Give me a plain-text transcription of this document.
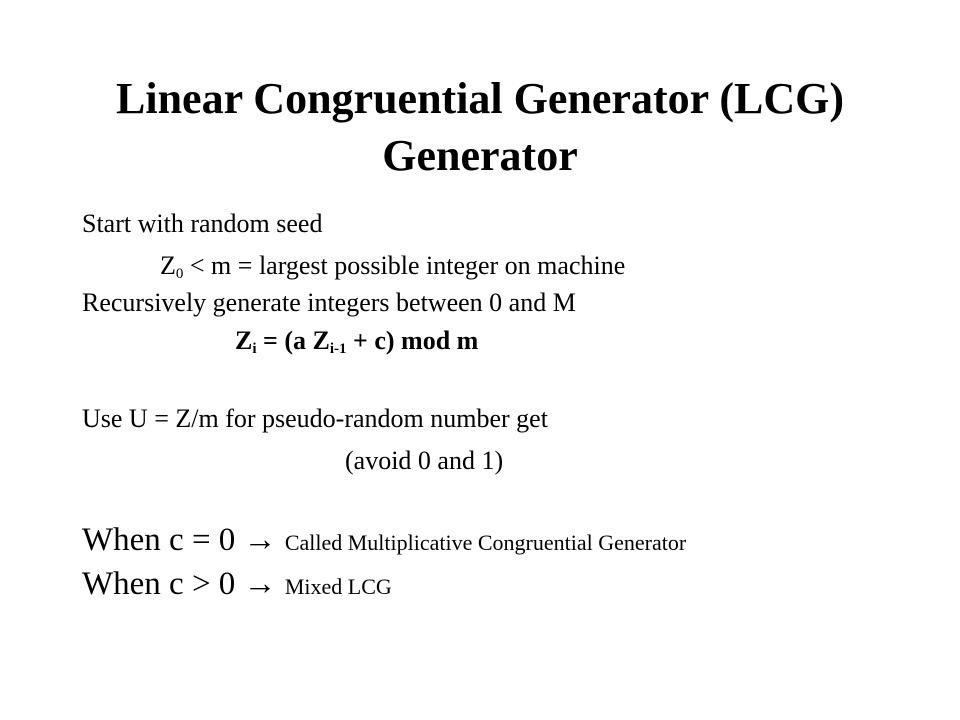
Linear Congruential Generator (LCG)
Generator
Start with random seed
$Z_0 < m$ = largest possible integer on machine
Recursively generate integers between 0 and M
$Z_i = (a$ $Z_{i-1} + c$) mod m
Use U = Z/m for pseudo-random number get
(avoid 0 and 1)
When c = 0 → Called Multiplicative Congruential Generator
When c > 0 → Mixed LCG
